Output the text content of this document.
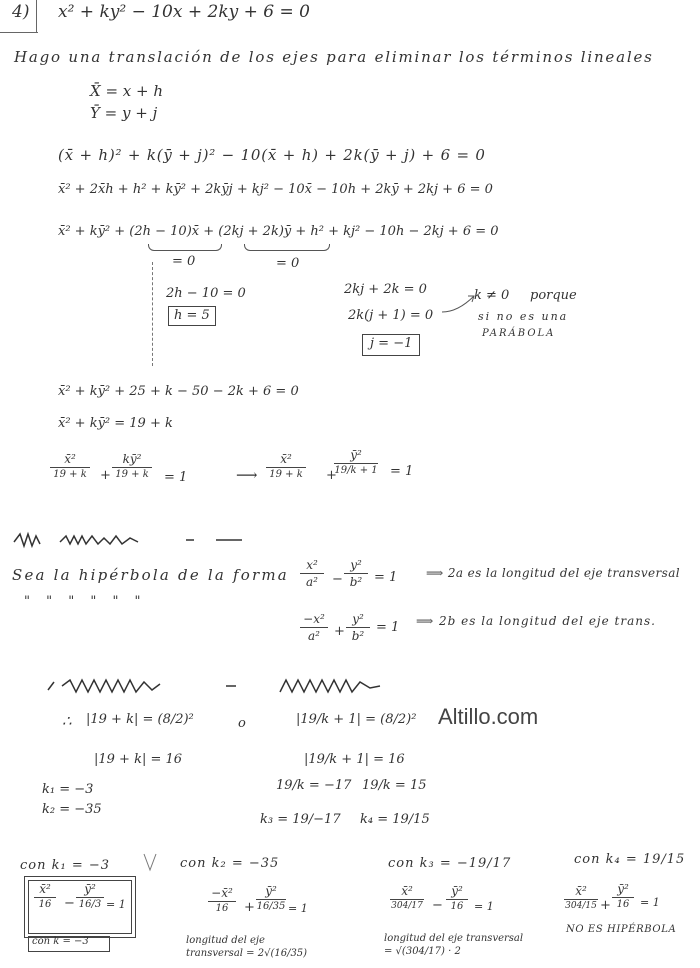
4) x² + ky² − 10x + 2ky + 6 = 0
Hago una translación de los ejes para eliminar los términos lineales
X̄ = x + h
Ȳ = y + j
(x̄ + h)² + k(ȳ + j)² − 10(x̄ + h) + 2k(ȳ + j) + 6 = 0
x̄² + 2x̄h + h² + kȳ² + 2kȳj + kj² − 10x̄ − 10h + 2kȳ + 2kj + 6 = 0
x̄² + kȳ² + (2h − 10)x̄ + (2kj + 2k)ȳ + h² + kj² − 10h − 2kj + 6 = 0
= 0	= 0
2h − 10 = 0
h = 5
2kj + 2k = 0
2k(j + 1) = 0
j = −1
k ≠ 0 porque
si no es una
PARÁBOLA
x̄² + kȳ² + 25 + k − 50 − 2k + 6 = 0
x̄² + kȳ² = 19 + k
x̄²
19 + k +
kȳ²
19 + k = 1	⟶
x̄²
19 + k +
ȳ²
19/k + 1 = 1
Sea la hipérbola de la forma
x²
a²	−
y²
b² = 1 ⟹ 2a es la longitud del eje transversal
" " " " " "
−x²
a²	+
y²
b²
= 1 ⟹ 2b es la longitud del eje trans.
Altillo.com
∴ |19 + k| = (8/2)²	o	|19/k + 1| = (8/2)²
|19 + k| = 16	|19/k + 1| = 16
k₁ = −3
k₂ = −35
19/k = −17 19/k = 15
k₃ = 19/−17 k₄ = 19/15
con k₁ = −3
x̄²
16 −
ȳ²
16/3 = 1
con k = −3
con k₂ = −35
−x̄²
16	+
ȳ²
16/35 = 1
longitud del eje transversal = 2√(16/35)
con k₃ = −19/17
x̄²
304/17 −
ȳ²
16 = 1
longitud del eje transversal = √(304/17) · 2
con k₄ = 19/15
x̄²
304/15 +
ȳ²
16 = 1
NO ES HIPÉRBOLA
